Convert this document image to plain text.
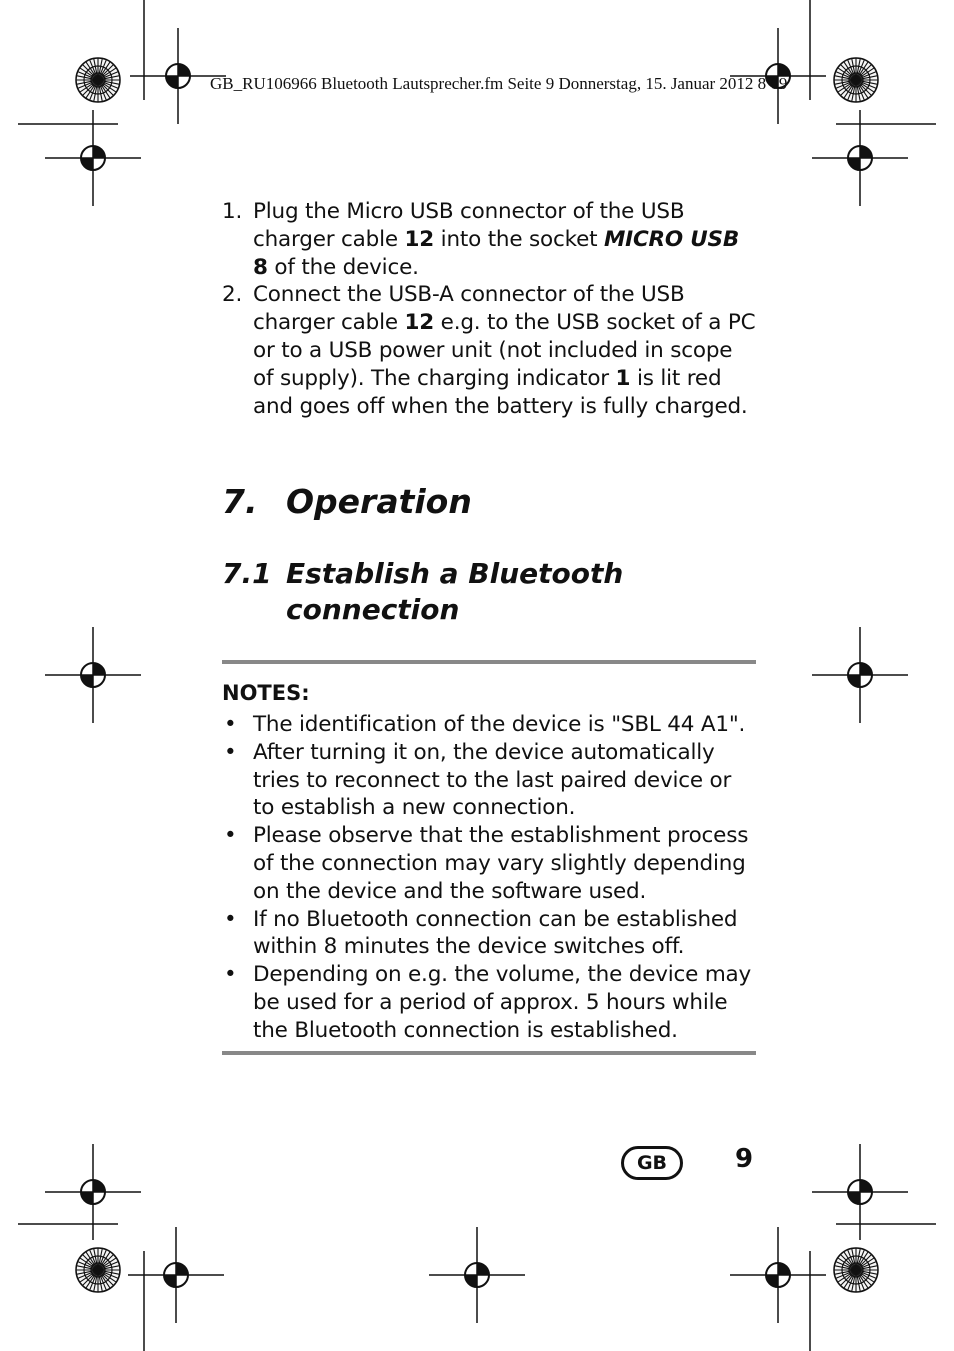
GB_RU106966 Bluetooth Lautsprecher.fm Seite 9 Donnerstag, 15. Januar 2012 8 09
1. Plug the Micro USB connector of the USB charger cable 12 into the socket MICRO USB 8 of the device.
2. Connect the USB-A connector of the USB charger cable 12 e.g. to the USB socket of a PC or to a USB power unit (not included in scope of supply). The charging indicator 1 is lit red and goes off when the battery is fully charged.
7. Operation
7.1 Establish a Bluetooth
connection
NOTES:
• The identification of the device is "SBL 44 A1".
• After turning it on, the device automatically tries to reconnect to the last paired device or to establish a new connection.
• Please observe that the establishment process of the connection may vary slightly depending on the device and the software used.
• If no Bluetooth connection can be established within 8 minutes the device switches off.
• Depending on e.g. the volume, the device may be used for a period of approx. 5 hours while the Bluetooth connection is established.
GB	9
